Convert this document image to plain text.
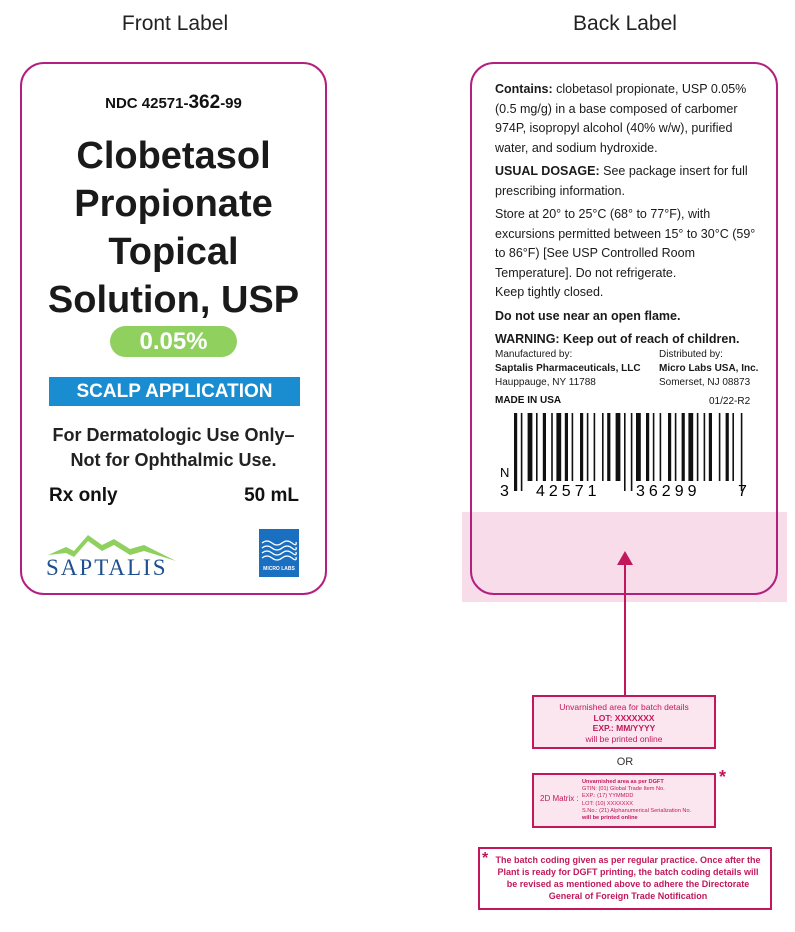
Front Label	Back Label
NDC 42571-362-99
Clobetasol
Propionate
Topical
Solution, USP
0.05%
SCALP APPLICATION
For Dermatologic Use Only–
Not for Ophthalmic Use.
Rx only	50 mL
SAPTALIS	MICRO LABS

Contains: clobetasol propionate, USP 0.05% (0.5 mg/g) in a base composed of carbomer 974P, isopropyl alcohol (40% w/w), purified water, and sodium hydroxide.

USUAL DOSAGE: See package insert for full prescribing information.

Store at 20° to 25°C (68° to 77°F), with excursions permitted between 15° to 30°C (59° to 86°F) [See USP Controlled Room Temperature]. Do not refrigerate.

Keep tightly closed.

Do not use near an open flame.

WARNING: Keep out of reach of children.

Manufactured by:
Saptalis Pharmaceuticals, LLC
Hauppauge, NY 11788
Distributed by:
Micro Labs USA, Inc.
Somerset, NJ 08873
MADE IN USA	01/22-R2
N
3 42571 36299 7
Unvarnished area for batch details
LOT: XXXXXXX
EXP.: MM/YYYY
will be printed online
OR
2D Matrix :
Unvarnished area as per DGFT
GTIN: (01) Global Trade Item No.
EXP.: (17) YYMMDD
LOT: (10) XXXXXXX
S.No.: (21) Alphanumerical Serialization No.
will be printed online
*
The batch coding given as per regular practice. Once after the Plant is ready for DGFT printing, the batch coding details will be revised as mentioned above to adhere the Directorate General of Foreign Trade Notification
*
